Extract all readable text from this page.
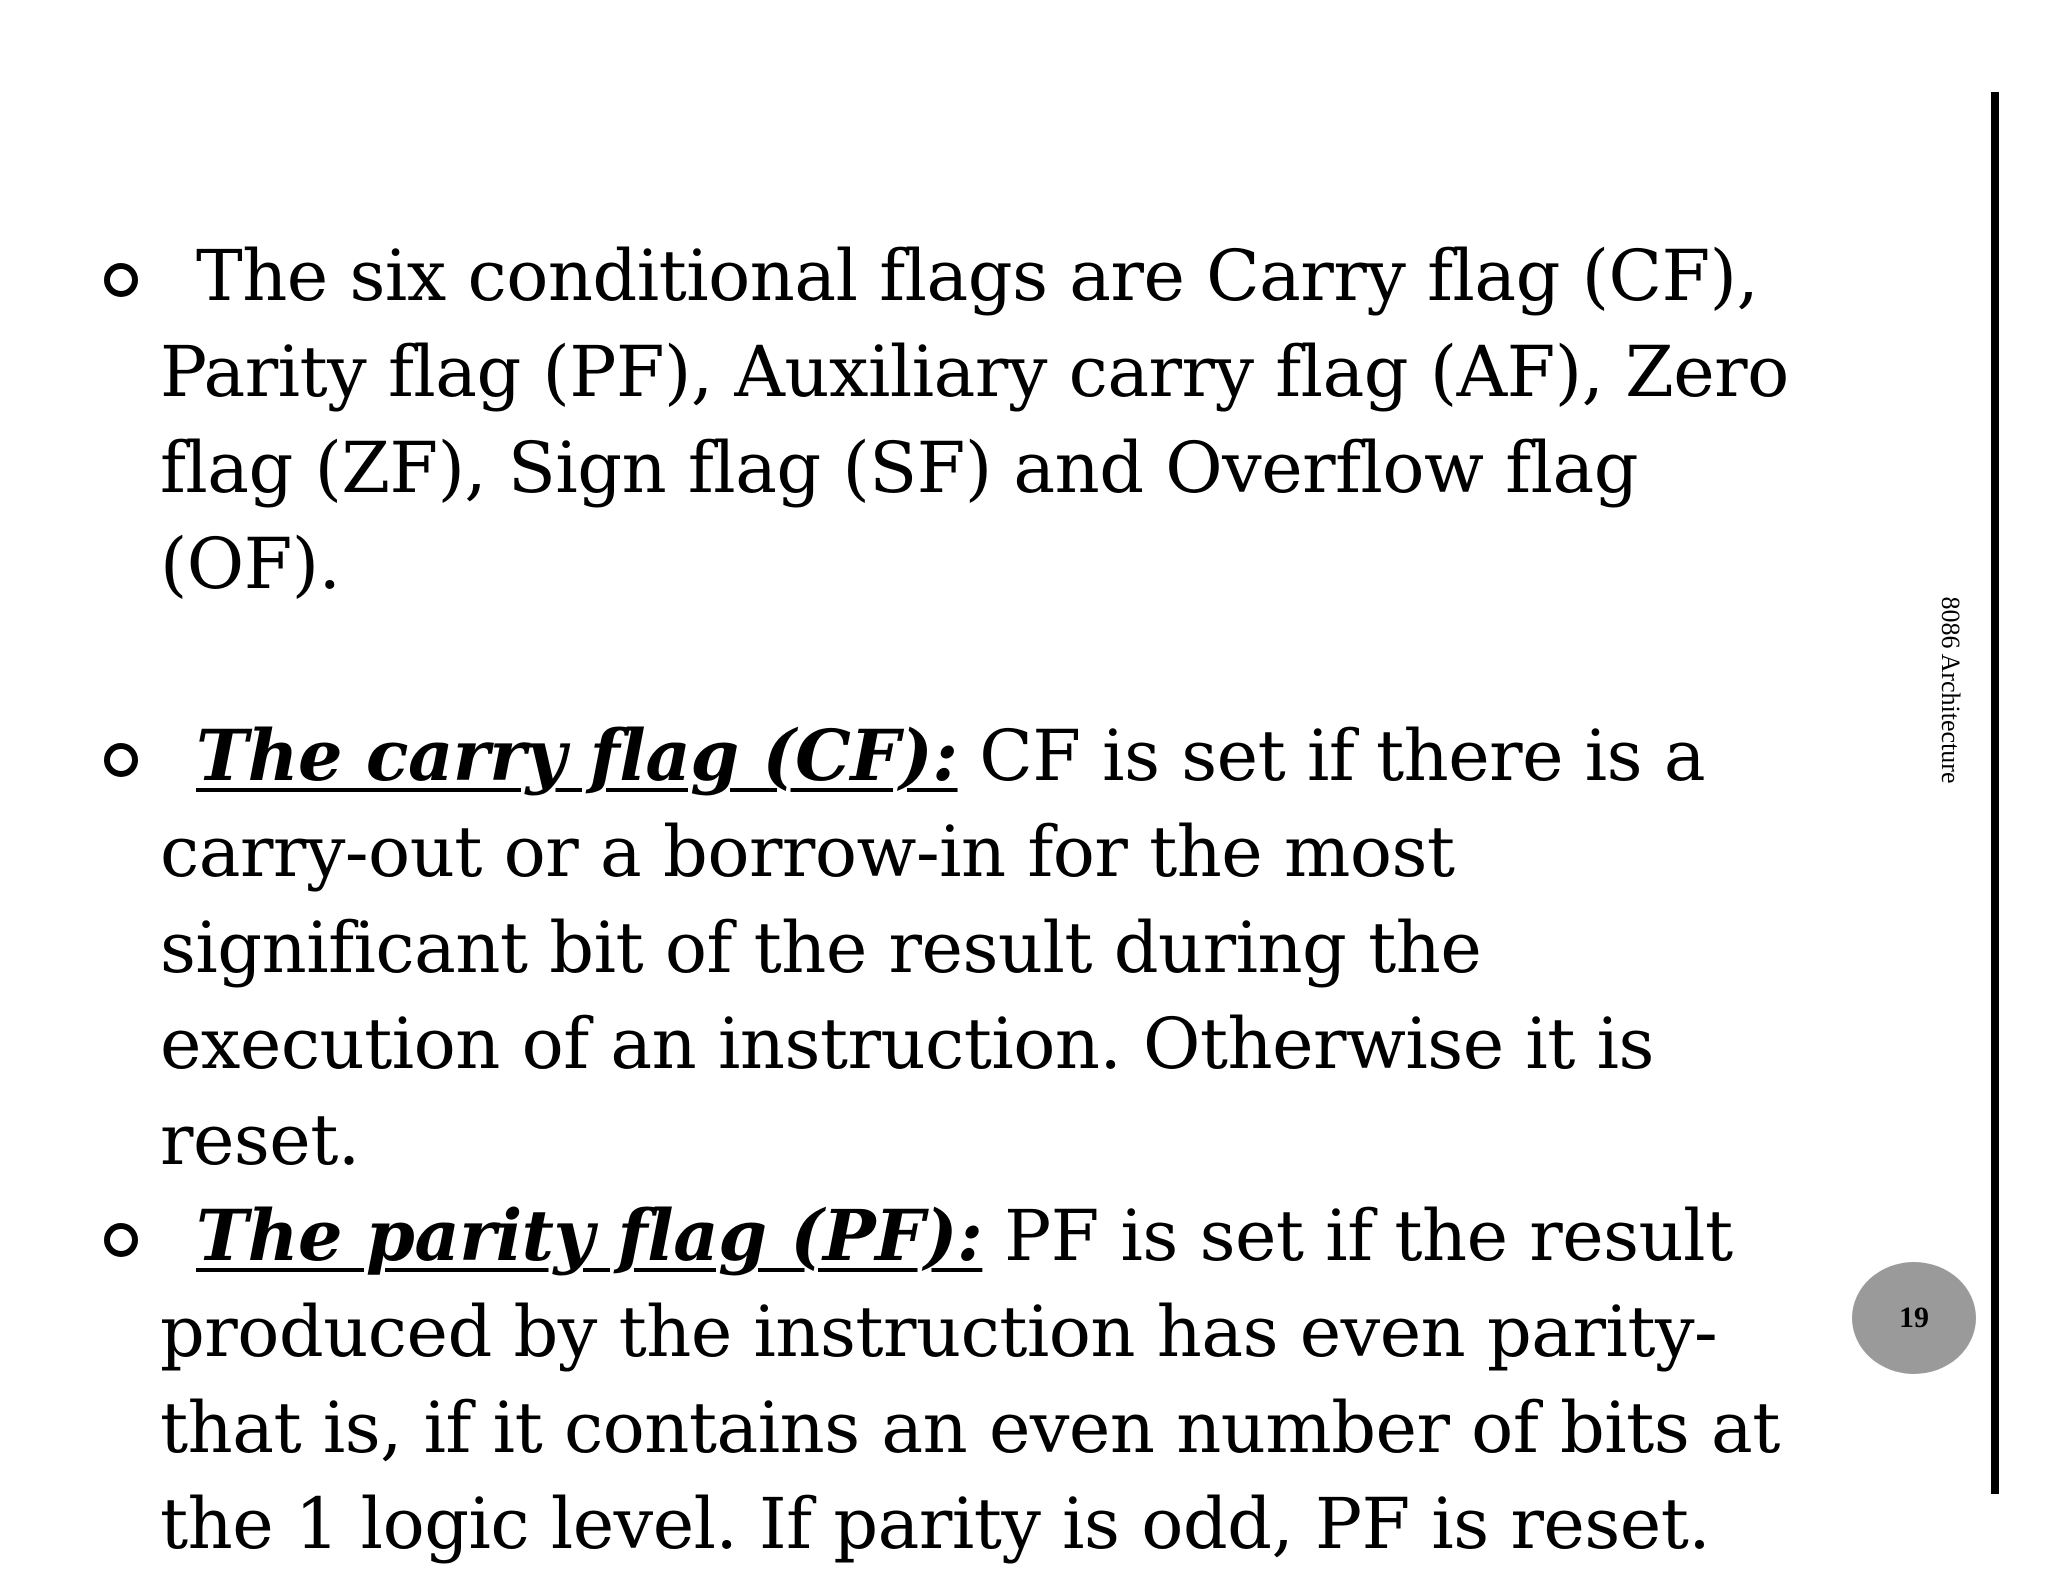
The six conditional flags are Carry flag (CF), Parity flag (PF), Auxiliary carry flag (AF), Zero flag (ZF), Sign flag (SF) and Overflow flag (OF).
The carry flag (CF): CF is set if there is a carry-out or a borrow-in for the most significant bit of the result during the execution of an instruction. Otherwise it is reset.
The parity flag (PF): PF is set if the result produced by the instruction has even parity- that is, if it contains an even number of bits at the 1 logic level. If parity is odd, PF is reset.
8086 Architecture
19
